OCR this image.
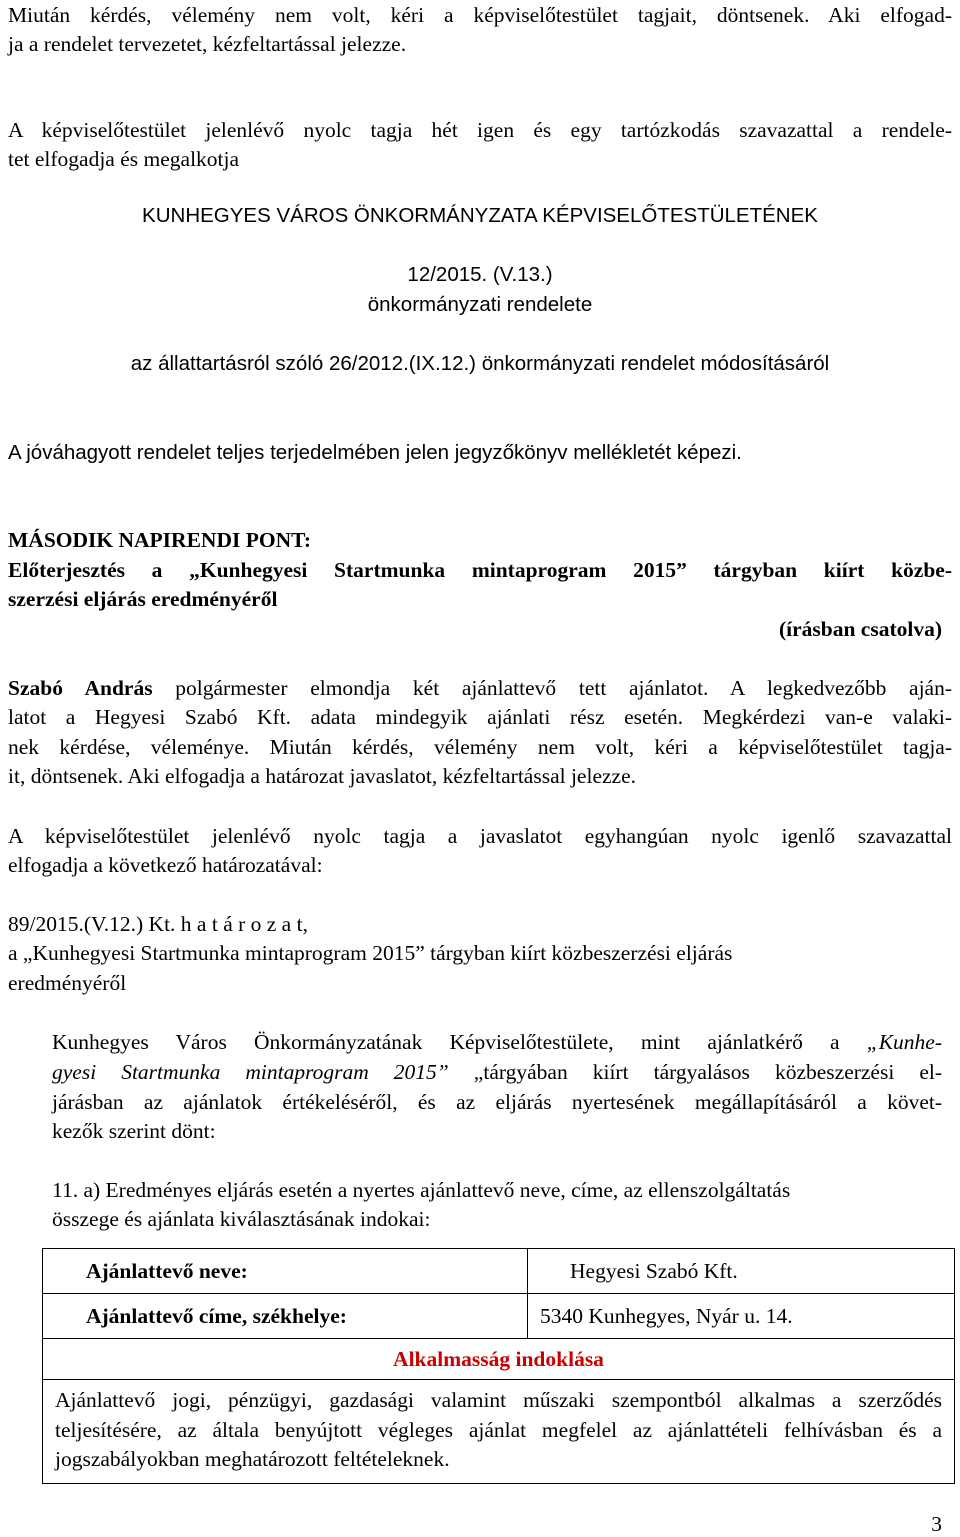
Miután kérdés, vélemény nem volt, kéri a képviselőtestület tagjait, döntsenek. Aki elfogad-
ja a rendelet tervezetet, kézfeltartással jelezze.
A képviselőtestület jelenlévő nyolc tagja hét igen és egy tartózkodás szavazattal a rendele-
tet elfogadja és megalkotja
KUNHEGYES VÁROS ÖNKORMÁNYZATA KÉPVISELŐTESTÜLETÉNEK
12/2015. (V.13.)
önkormányzati rendelete
az állattartásról szóló 26/2012.(IX.12.) önkormányzati rendelet módosításáról
A jóváhagyott rendelet teljes terjedelmében jelen jegyzőkönyv mellékletét képezi.
MÁSODIK NAPIRENDI PONT:
Előterjesztés a „Kunhegyesi Startmunka mintaprogram 2015” tárgyban kiírt közbe-
szerzési eljárás eredményéről
(írásban csatolva)
Szabó András polgármester elmondja két ajánlattevő tett ajánlatot. A legkedvezőbb aján-
latot a Hegyesi Szabó Kft. adata mindegyik ajánlati rész esetén. Megkérdezi van-e valaki-
nek kérdése, véleménye. Miután kérdés, vélemény nem volt, kéri a képviselőtestület tagja-
it, döntsenek. Aki elfogadja a határozat javaslatot, kézfeltartással jelezze.
A képviselőtestület jelenlévő nyolc tagja a javaslatot egyhangúan nyolc igenlő szavazattal
elfogadja a következő határozatával:
89/2015.(V.12.) Kt. h a t á r o z a t,
a „Kunhegyesi Startmunka mintaprogram 2015” tárgyban kiírt közbeszerzési eljárás
eredményéről
Kunhegyes Város Önkormányzatának Képviselőtestülete, mint ajánlatkérő a „Kunhe-
gyesi Startmunka mintaprogram 2015” „tárgyában kiírt tárgyalásos közbeszerzési el-
járásban az ajánlatok értékeléséről, és az eljárás nyertesének megállapításáról a követ-
kezők szerint dönt:
11. a) Eredményes eljárás esetén a nyertes ajánlattevő neve, címe, az ellenszolgáltatás
összege és ajánlata kiválasztásának indokai:
Ajánlattevő neve:	Hegyesi Szabó Kft.
Ajánlattevő címe, székhelye:	5340 Kunhegyes, Nyár u. 14.
Alkalmasság indoklása	
Ajánlattevő jogi, pénzügyi, gazdasági valamint műszaki szempontból alkalmas a szerződés teljesítésére, az általa benyújtott végleges ajánlat megfelel az ajánlattételi felhívásban és a jogszabályokban meghatározott feltételeknek.	
3
